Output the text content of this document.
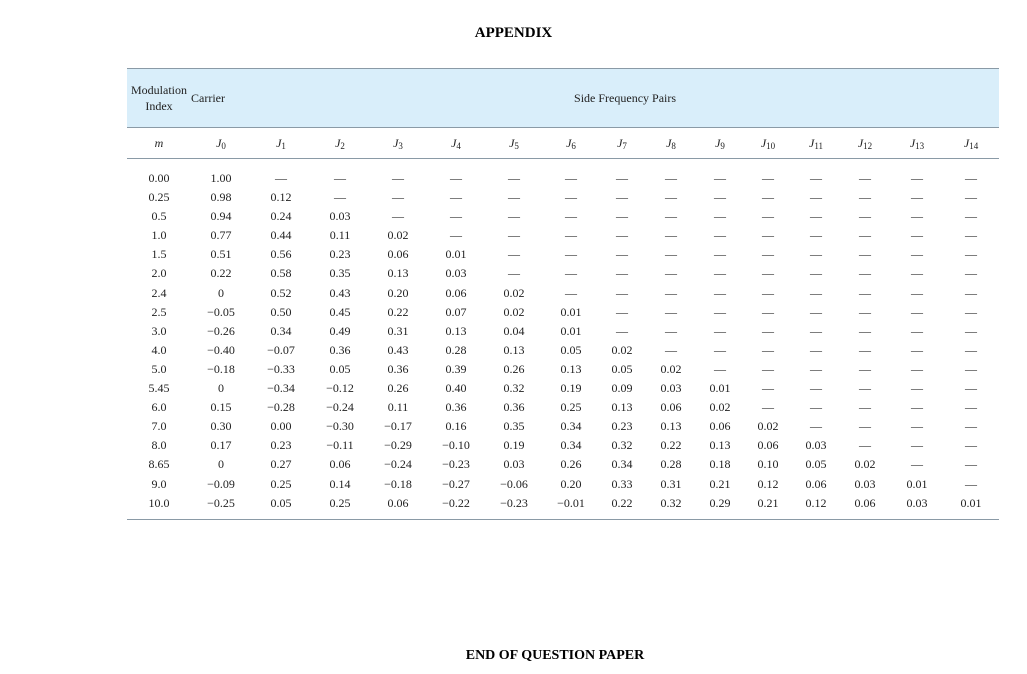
APPENDIX
Modulation
Index	Carrier	Side Frequency Pairs													
m	$J_0$	$J_1$	$J_2$	$J_3$	$J_4$	$J_5$	$J_6$	$J_7$	$J_8$	$J_9$	$J_{10}$	$J_{11}$	$J_{12}$	$J_{13}$	$J_{14}$

0.00	1.00	—	—	—	—	—	—	—	—	—	—	—	—	—	—
0.25	0.98	0.12	—	—	—	—	—	—	—	—	—	—	—	—	—
0.5	0.94	0.24	0.03	—	—	—	—	—	—	—	—	—	—	—	—
1.0	0.77	0.44	0.11	0.02	—	—	—	—	—	—	—	—	—	—	—
1.5	0.51	0.56	0.23	0.06	0.01	—	—	—	—	—	—	—	—	—	—
2.0	0.22	0.58	0.35	0.13	0.03	—	—	—	—	—	—	—	—	—	—
2.4	0	0.52	0.43	0.20	0.06	0.02	—	—	—	—	—	—	—	—	—
2.5	−0.05	0.50	0.45	0.22	0.07	0.02	0.01	—	—	—	—	—	—	—	—
3.0	−0.26	0.34	0.49	0.31	0.13	0.04	0.01	—	—	—	—	—	—	—	—
4.0	−0.40	−0.07	0.36	0.43	0.28	0.13	0.05	0.02	—	—	—	—	—	—	—
5.0	−0.18	−0.33	0.05	0.36	0.39	0.26	0.13	0.05	0.02	—	—	—	—	—	—
5.45	0	−0.34	−0.12	0.26	0.40	0.32	0.19	0.09	0.03	0.01	—	—	—	—	—
6.0	0.15	−0.28	−0.24	0.11	0.36	0.36	0.25	0.13	0.06	0.02	—	—	—	—	—
7.0	0.30	0.00	−0.30	−0.17	0.16	0.35	0.34	0.23	0.13	0.06	0.02	—	—	—	—
8.0	0.17	0.23	−0.11	−0.29	−0.10	0.19	0.34	0.32	0.22	0.13	0.06	0.03	—	—	—
8.65	0	0.27	0.06	−0.24	−0.23	0.03	0.26	0.34	0.28	0.18	0.10	0.05	0.02	—	—
9.0	−0.09	0.25	0.14	−0.18	−0.27	−0.06	0.20	0.33	0.31	0.21	0.12	0.06	0.03	0.01	—
10.0	−0.25	0.05	0.25	0.06	−0.22	−0.23	−0.01	0.22	0.32	0.29	0.21	0.12	0.06	0.03	0.01

END OF QUESTION PAPER
